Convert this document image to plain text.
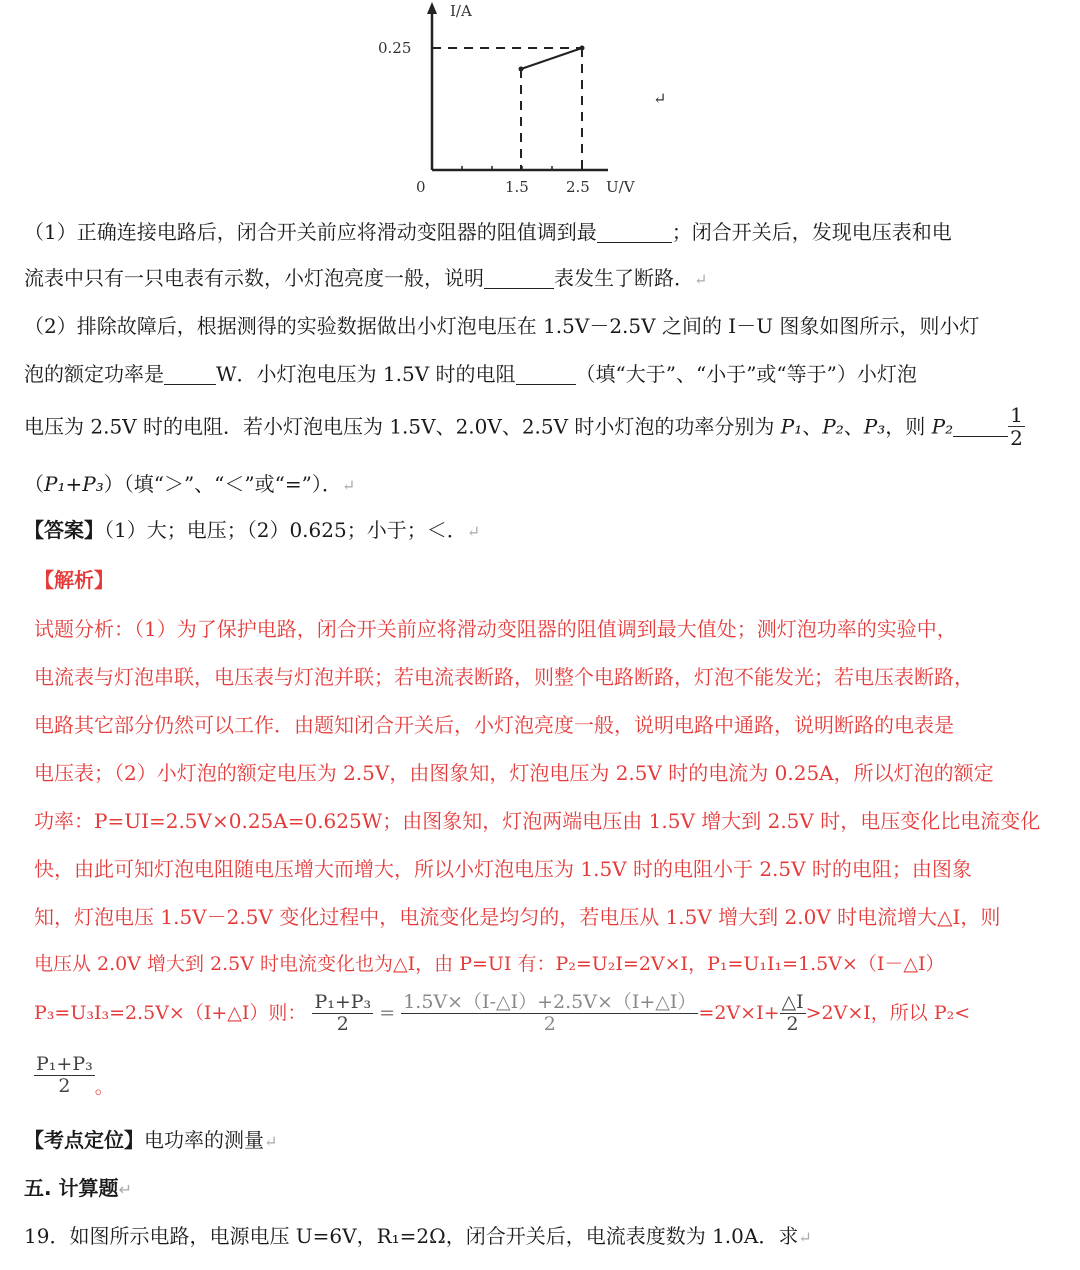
I/A
0.25
0	1.5 2.5 U/V
↵
（1）正确连接电路后，闭合开关前应将滑动变阻器的阻值调到最	；闭合开关后，发现电压表和电
流表中只有一只电表有示数，小灯泡亮度一般，说明	表发生了断路．↵
（2）排除故障后，根据测得的实验数据做出小灯泡电压在 1.5V－2.5V 之间的 I－U 图象如图所示，则小灯
泡的额定功率是	W．小灯泡电压为 1.5V 时的电阻	（填“大于”、“小于”或“等于”）小灯泡
电压为 2.5V 时的电阻．若小灯泡电压为 1.5V、2.0V、2.5V 时小灯泡的功率分别为 P₁、P₂、P₃，则 P₂	$\frac{1}{2}$
（P₁+P₃）（填“＞”、“＜”或“=”）．↵
【答案】（1）大；电压；（2）0.625；小于；＜．↵
【解析】
试题分析：（1）为了保护电路，闭合开关前应将滑动变阻器的阻值调到最大值处；测灯泡功率的实验中，
电流表与灯泡串联，电压表与灯泡并联；若电流表断路，则整个电路断路，灯泡不能发光；若电压表断路，
电路其它部分仍然可以工作．由题知闭合开关后，小灯泡亮度一般，说明电路中通路，说明断路的电表是
电压表；（2）小灯泡的额定电压为 2.5V，由图象知，灯泡电压为 2.5V 时的电流为 0.25A，所以灯泡的额定
功率：P=UI=2.5V×0.25A=0.625W；由图象知，灯泡两端电压由 1.5V 增大到 2.5V 时，电压变化比电流变化
快，由此可知灯泡电阻随电压增大而增大，所以小灯泡电压为 1.5V 时的电阻小于 2.5V 时的电阻；由图象
知，灯泡电压 1.5V－2.5V 变化过程中，电流变化是均匀的，若电压从 1.5V 增大到 2.0V 时电流增大△I，则
电压从 2.0V 增大到 2.5V 时电流变化也为△I，由 P=UI 有：P₂=U₂I=2V×I，P₁=U₁I₁=1.5V×（I－△I）
P₃=U₃I₃=2.5V×（I+△I）则： $\frac{\text{P₁+P₃}}{2} = \frac{1.5V\times(I-\triangle I)+2.5V\times(I+\triangle I)}{2} =2V\times I+ \frac{\triangle I}{2} >2V\times I$，所以 P₂<
$\frac{\text{P₁+P₃}}{2}$ 。
【考点定位】电功率的测量↵
五. 计算题↵
19．如图所示电路，电源电压 U=6V，R₁=2Ω，闭合开关后，电流表度数为 1.0A．求↵
